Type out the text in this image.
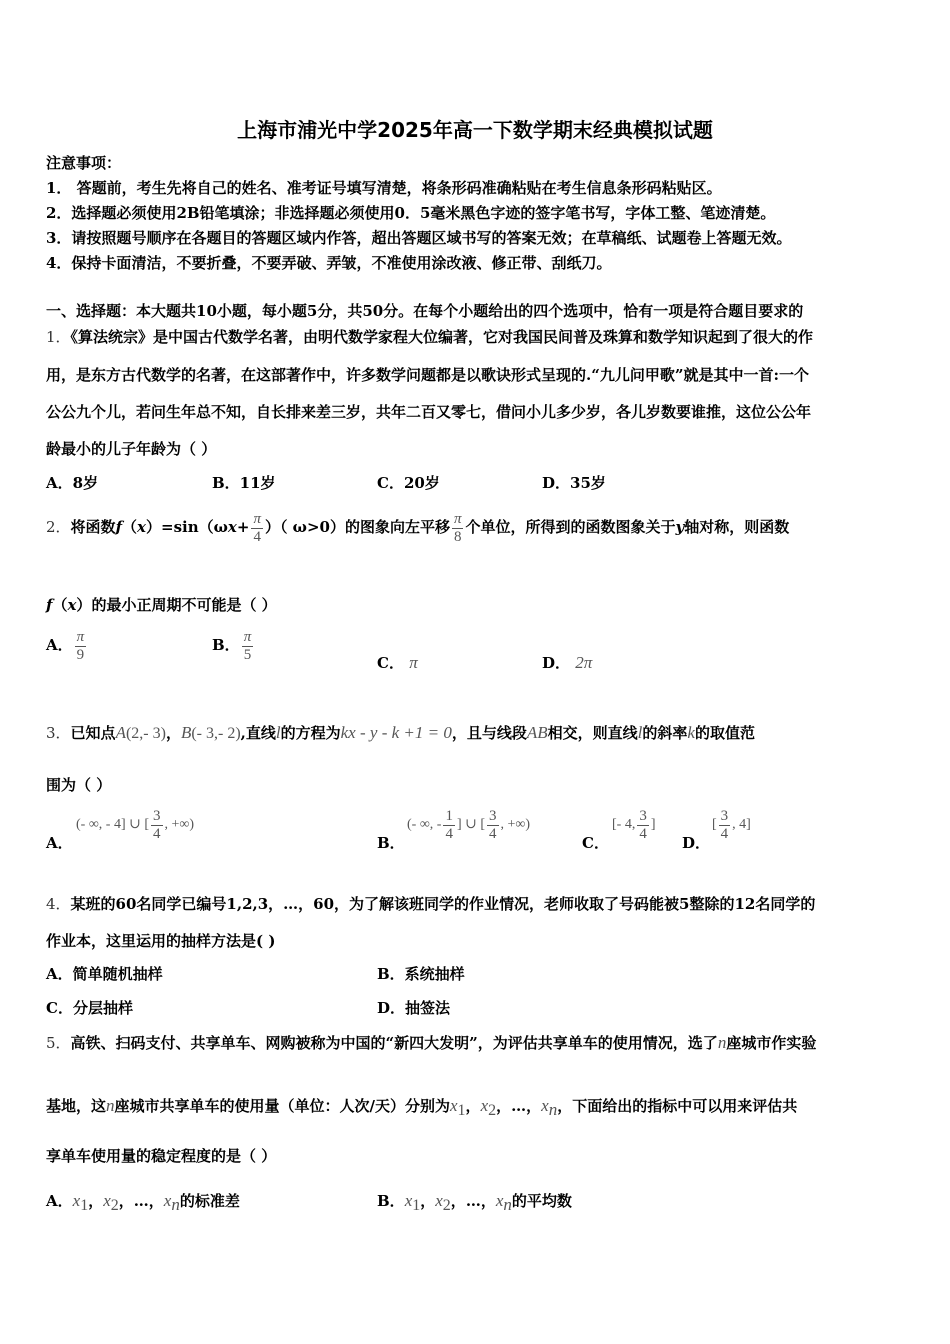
上海市浦光中学2025年高一下数学期末经典模拟试题
注意事项：
1． 答题前，考生先将自己的姓名、准考证号填写清楚，将条形码准确粘贴在考生信息条形码粘贴区。
2．选择题必须使用2B铅笔填涂；非选择题必须使用0．5毫米黑色字迹的签字笔书写，字体工整、笔迹清楚。
3．请按照题号顺序在各题目的答题区域内作答，超出答题区域书写的答案无效；在草稿纸、试题卷上答题无效。
4．保持卡面清洁，不要折叠，不要弄破、弄皱，不准使用涂改液、修正带、刮纸刀。
一、选择题：本大题共10小题，每小题5分，共50分。在每个小题给出的四个选项中，恰有一项是符合题目要求的
1．《算法统宗》是中国古代数学名著，由明代数学家程大位编著，它对我国民间普及珠算和数学知识起到了很大的作
用，是东方古代数学的名著，在这部著作中，许多数学问题都是以歌诀形式呈现的.“九儿问甲歌”就是其中一首:一个
公公九个儿，若问生年总不知，自长排来差三岁，共年二百又零七，借问小儿多少岁，各儿岁数要谁推，这位公公年
龄最小的儿子年龄为（ ）
A．8岁	B．11岁	C．20岁	D．35岁
2．将函数$f(x)=\sin(\omega x+ \frac{\pi}{4}$ ）（ ω>0）的图象向左平移 $\frac{\pi}{8}$ 个单位，所得到的函数图象关于y轴对称，则函数
f（x）的最小正周期不可能是（ ）
A． $\frac{\pi}{9}$	B． $\frac{\pi}{5}$	C． π	D． 2π
3．已知点A(2,- 3)，B(- 3,- 2),直线l的方程为kx - y - k +1 = 0，且与线段AB相交，则直线l的斜率k的取值范
围为（ ）
A．
(- ∞, - 4] ∪ [ $\frac{3}{4}$ , +∞)
B．
(- ∞, - $\frac{1}{4}$ ] ∪ [ $\frac{3}{4}$ , +∞)
C．
[- 4, $\frac{3}{4}$ ]
D．
[ $\frac{3}{4}$ , 4]
4．某班的60名同学已编号1,2,3，…，60，为了解该班同学的作业情况，老师收取了号码能被5整除的12名同学的
作业本，这里运用的抽样方法是( )
A．简单随机抽样	B．系统抽样
C．分层抽样	D．抽签法
5．高铁、扫码支付、共享单车、网购被称为中国的“新四大发明”，为评估共享单车的使用情况，选了n座城市作实验
基地，这n座城市共享单车的使用量（单位：人次/天）分别为$x_1$，$x_2$，…，$x_n$，下面给出的指标中可以用来评估共
享单车使用量的稳定程度的是（ ）
A．$x_1$，$x_2$，…，$x_n$的标准差	B．$x_1$，$x_2$，…，$x_n$的平均数
